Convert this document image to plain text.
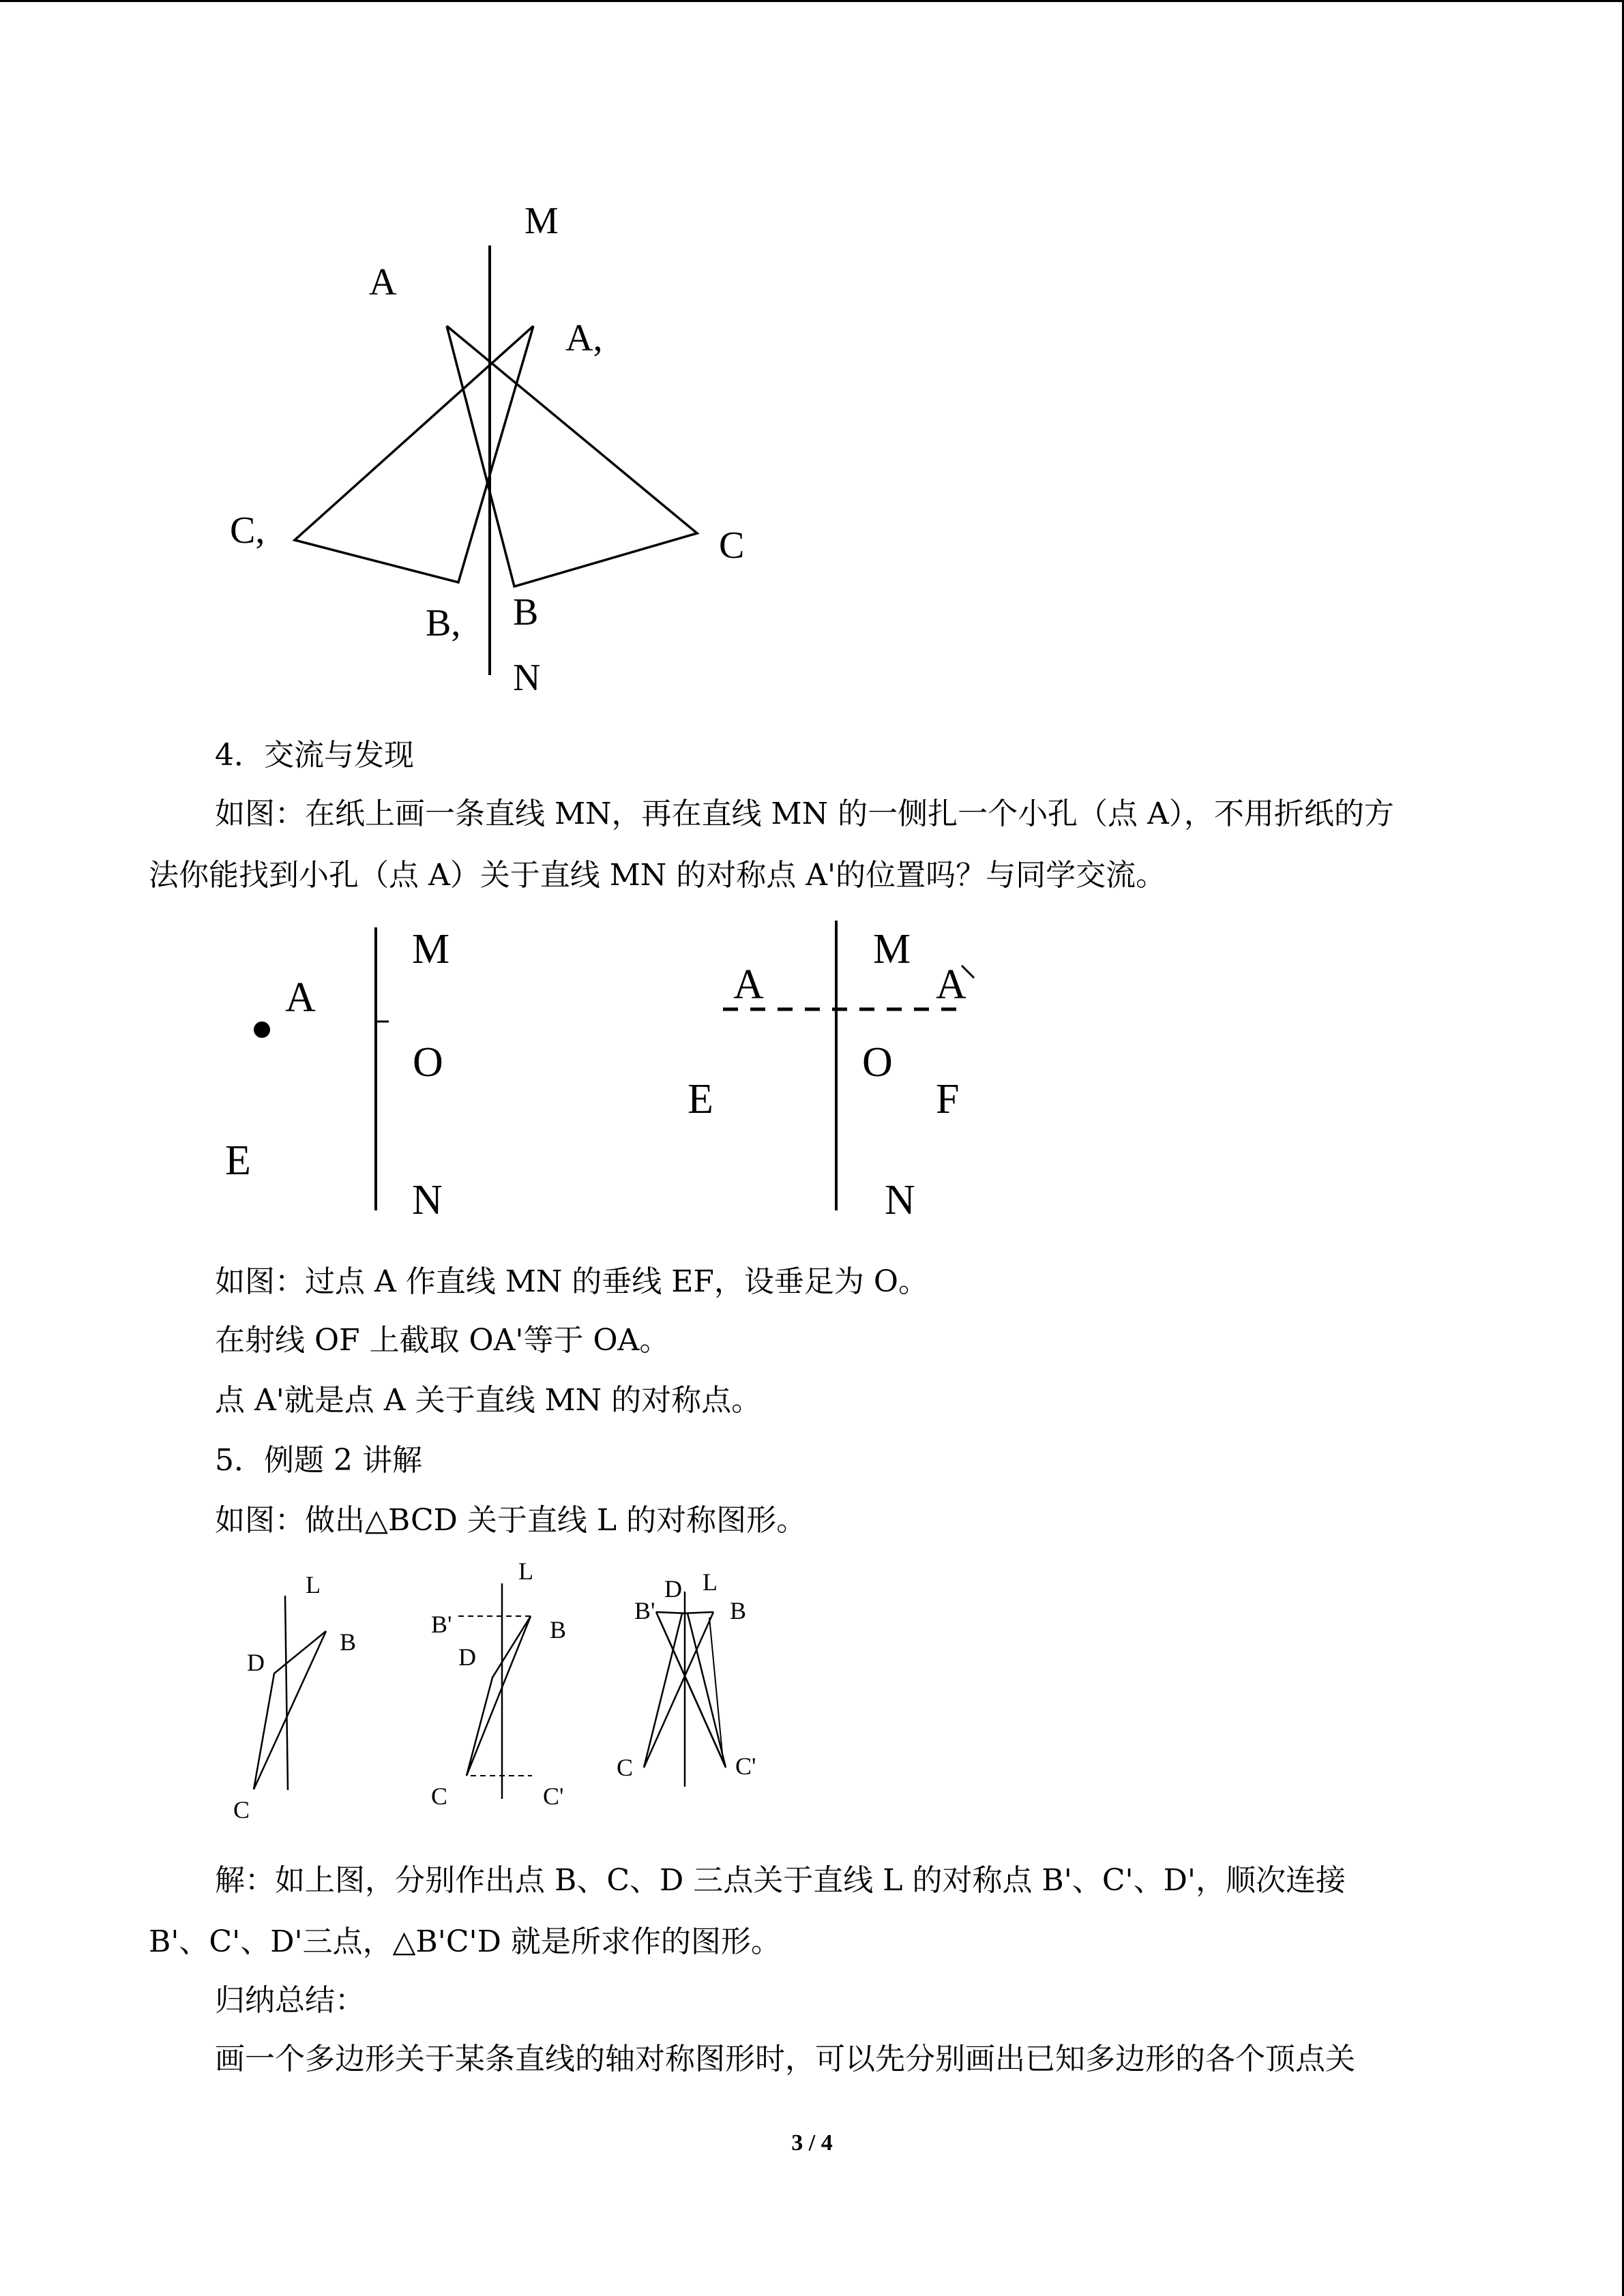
M
A
A,
C,	C
B, B
N
4．交流与发现
如图：在纸上画一条直线 MN，再在直线 MN 的一侧扎一个小孔（点 A），不用折纸的方
法你能找到小孔（点 A）关于直线 MN 的对称点 A'的位置吗？与同学交流。
A
M
O
E
N
A
M
A
O
E	F
N
如图：过点 A 作直线 MN 的垂线 EF，设垂足为 O。
在射线 OF 上截取 OA'等于 OA。
点 A'就是点 A 关于直线 MN 的对称点。
5．例题 2 讲解
如图：做出△BCD 关于直线 L 的对称图形。
L
B
D
C
L
B'	B
D
C	C'
D L
B'	B
C	C'
解：如上图，分别作出点 B、C、D 三点关于直线 L 的对称点 B'、C'、D'，顺次连接
B'、C'、D'三点，△B'C'D 就是所求作的图形。
归纳总结：
画一个多边形关于某条直线的轴对称图形时，可以先分别画出已知多边形的各个顶点关
3 / 4
